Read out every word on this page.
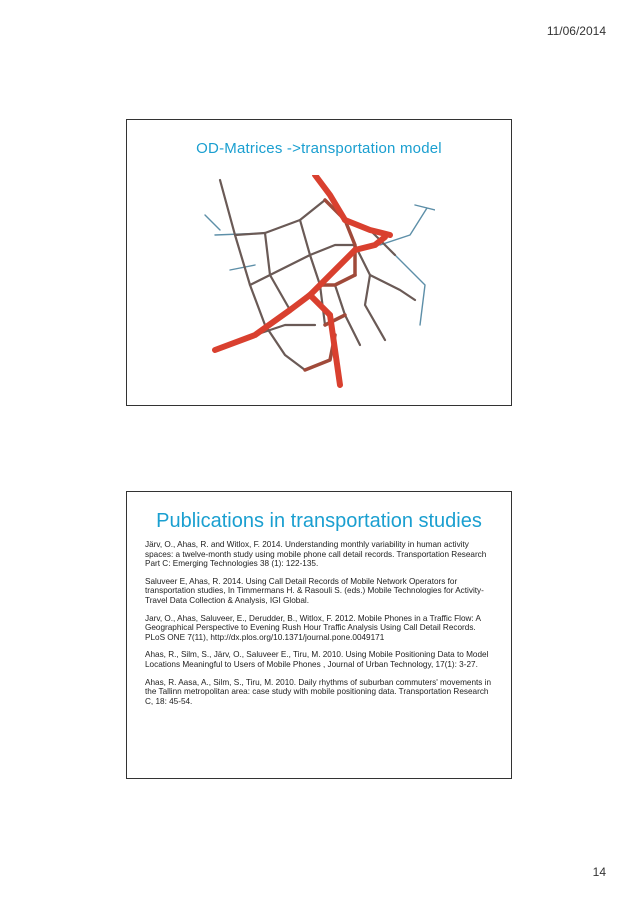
11/06/2014
OD-Matrices ->transportation model
Publications in transportation studies

Järv, O., Ahas, R. and Witlox, F. 2014. Understanding monthly variability in human activity spaces: a twelve-month study using mobile phone call detail records. Transportation Research Part C: Emerging Technologies 38 (1): 122-135.

Saluveer E, Ahas, R. 2014. Using Call Detail Records of Mobile Network Operators for transportation studies, In Timmermans H. & Rasouli S. (eds.) Mobile Technologies for Activity-Travel Data Collection & Analysis, IGI Global.

Jarv, O., Ahas, Saluveer, E., Derudder, B., Witlox, F. 2012. Mobile Phones in a Traffic Flow: A Geographical Perspective to Evening Rush Hour Traffic Analysis Using Call Detail Records. PLoS ONE 7(11), http://dx.plos.org/10.1371/journal.pone.0049171

Ahas, R., Silm, S., Järv, O., Saluveer E., Tiru, M. 2010. Using Mobile Positioning Data to Model Locations Meaningful to Users of Mobile Phones , Journal of Urban Technology, 17(1): 3-27.

Ahas, R. Aasa, A., Silm, S., Tiru, M. 2010. Daily rhythms of suburban commuters' movements in the Tallinn metropolitan area: case study with mobile positioning data. Transportation Research C, 18: 45-54.

14
